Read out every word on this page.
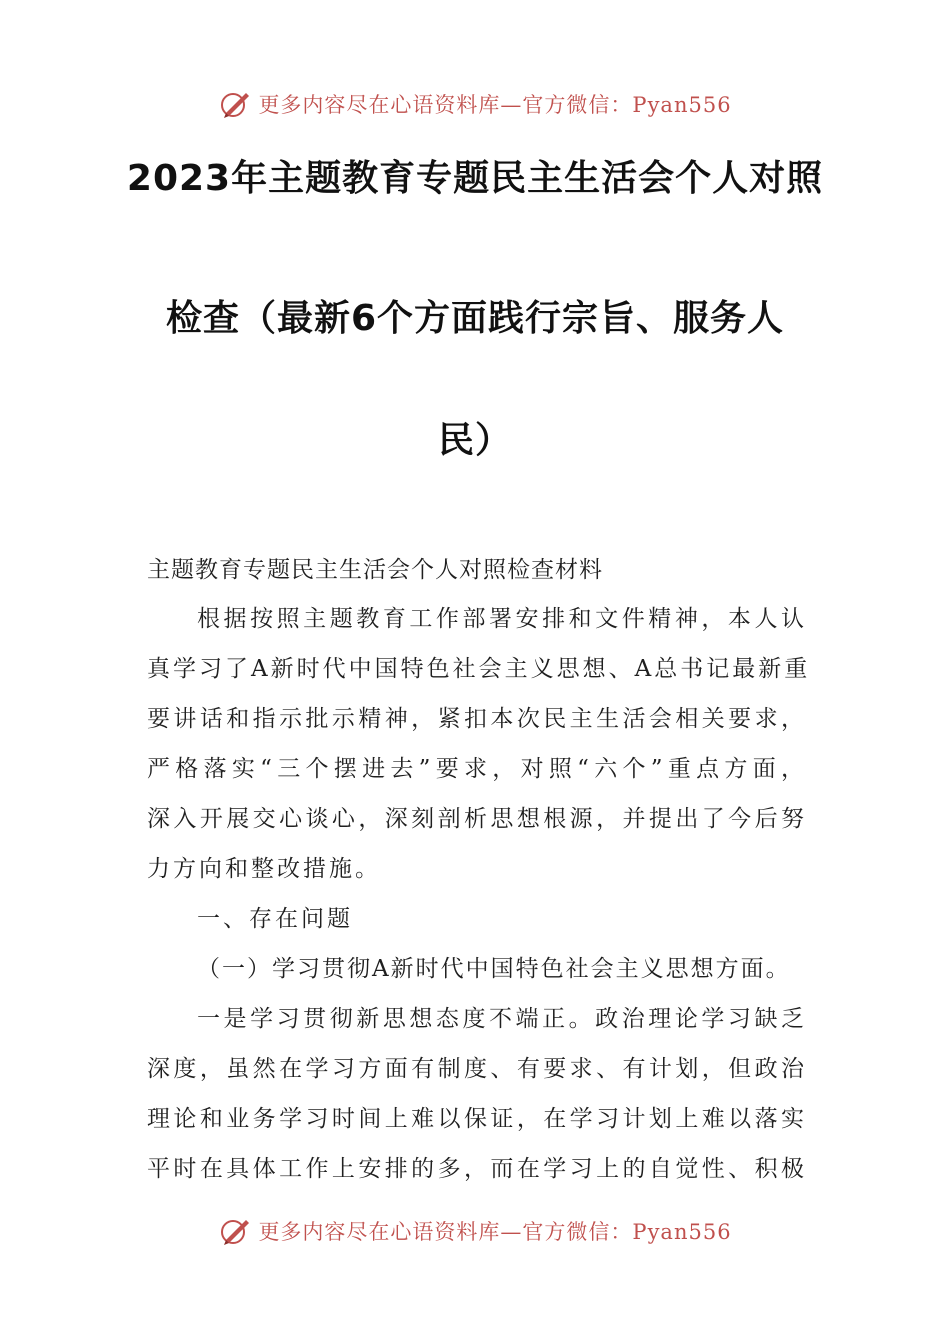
更多内容尽在心语资料库—官方微信：Pyan556
2023年主题教育专题民主生活会个人对照
检查（最新6个方面践行宗旨、服务人
民）
主题教育专题民主生活会个人对照检查材料
根据按照主题教育工作部署安排和文件精神，本人认
真学习了A新时代中国特色社会主义思想、A总书记最新重
要讲话和指示批示精神，紧扣本次民主生活会相关要求，
严格落实“三个摆进去”要求，对照“六个”重点方面，
深入开展交心谈心，深刻剖析思想根源，并提出了今后努
力方向和整改措施。
一、存在问题
（一）学习贯彻A新时代中国特色社会主义思想方面。
一是学习贯彻新思想态度不端正。政治理论学习缺乏
深度，虽然在学习方面有制度、有要求、有计划，但政治
理论和业务学习时间上难以保证，在学习计划上难以落实
平时在具体工作上安排的多，而在学习上的自觉性、积极
更多内容尽在心语资料库—官方微信：Pyan556
